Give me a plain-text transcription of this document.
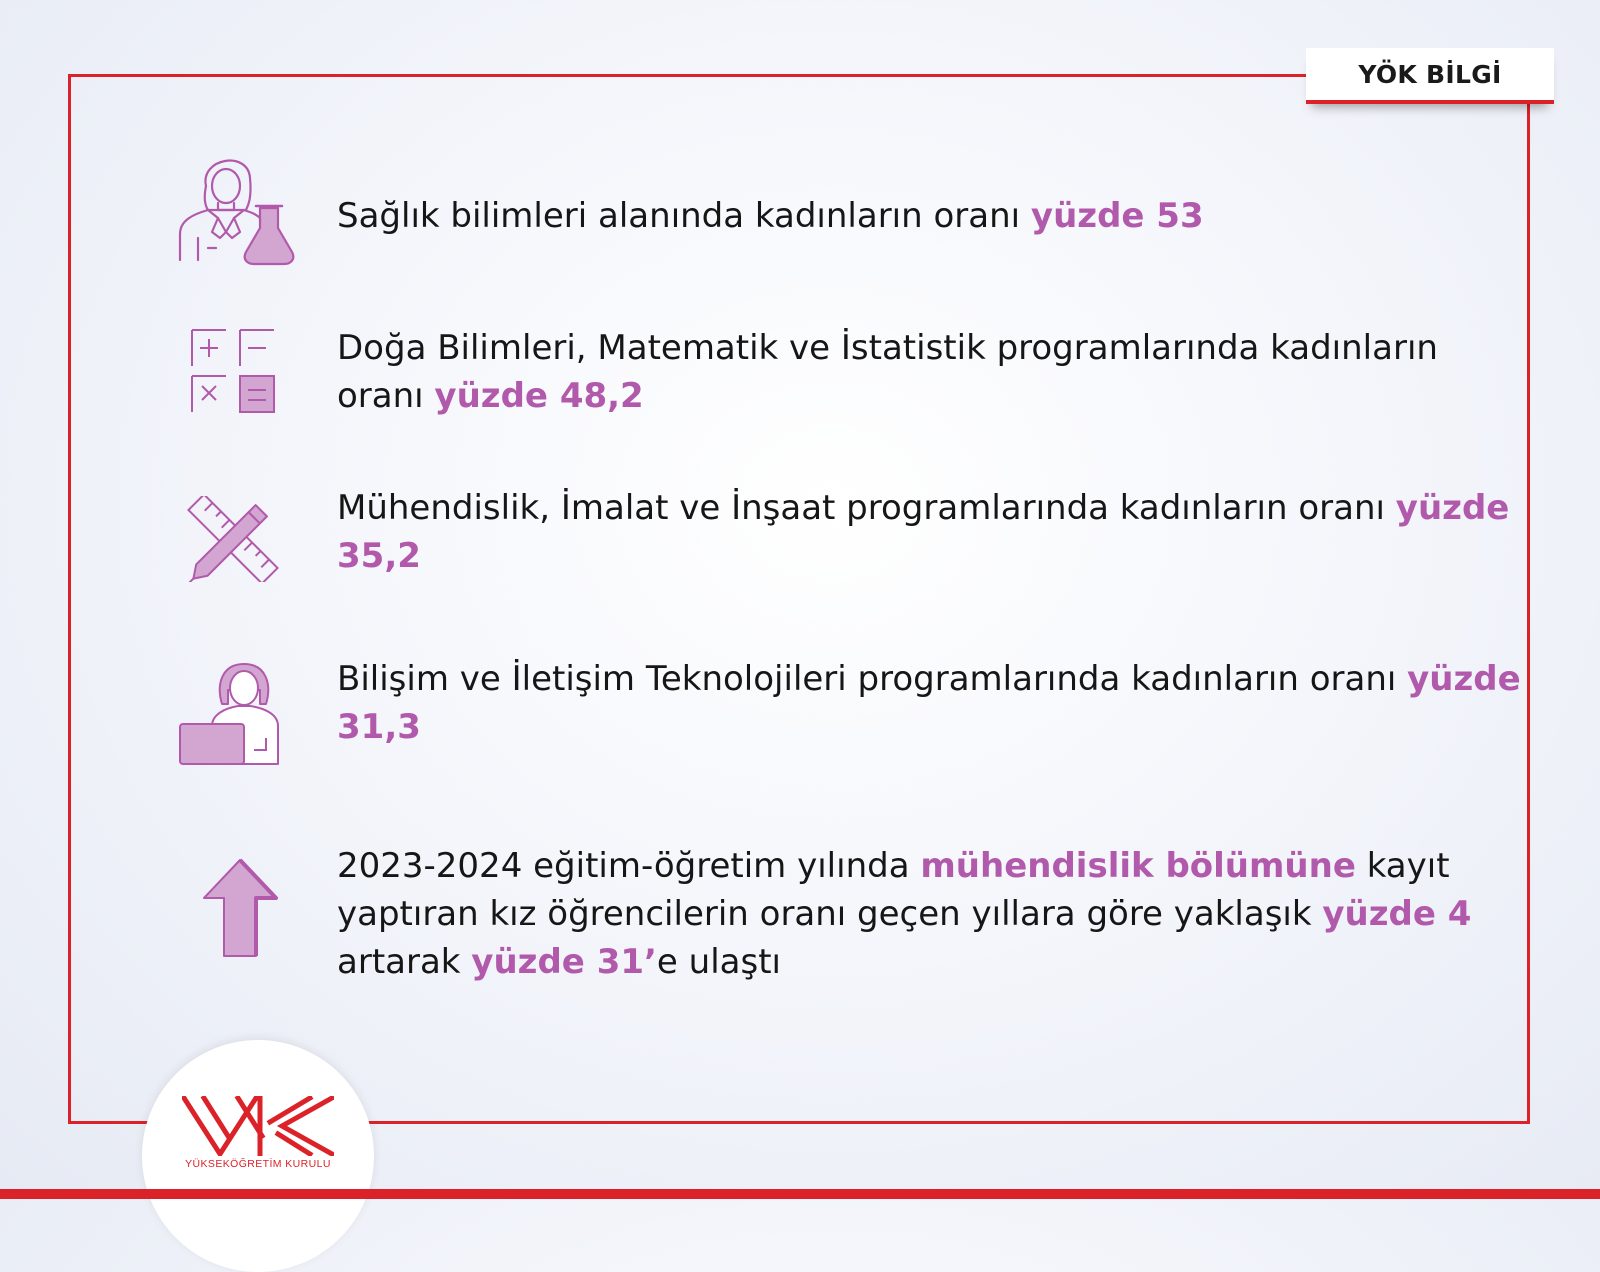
YÖK BİLGİ
Sağlık bilimleri alanında kadınların oranı yüzde 53
Doğa Bilimleri, Matematik ve İstatistik programlarında kadınların oranı yüzde 48,2
Mühendislik, İmalat ve İnşaat programlarında kadınların oranı yüzde 35,2
Bilişim ve İletişim Teknolojileri programlarında kadınların oranı yüzde 31,3
2023-2024 eğitim-öğretim yılında mühendislik bölümüne kayıt yaptıran kız öğrencilerin oranı geçen yıllara göre yaklaşık yüzde 4 artarak yüzde 31’e ulaştı
YÜKSEKÖĞRETİM KURULU
